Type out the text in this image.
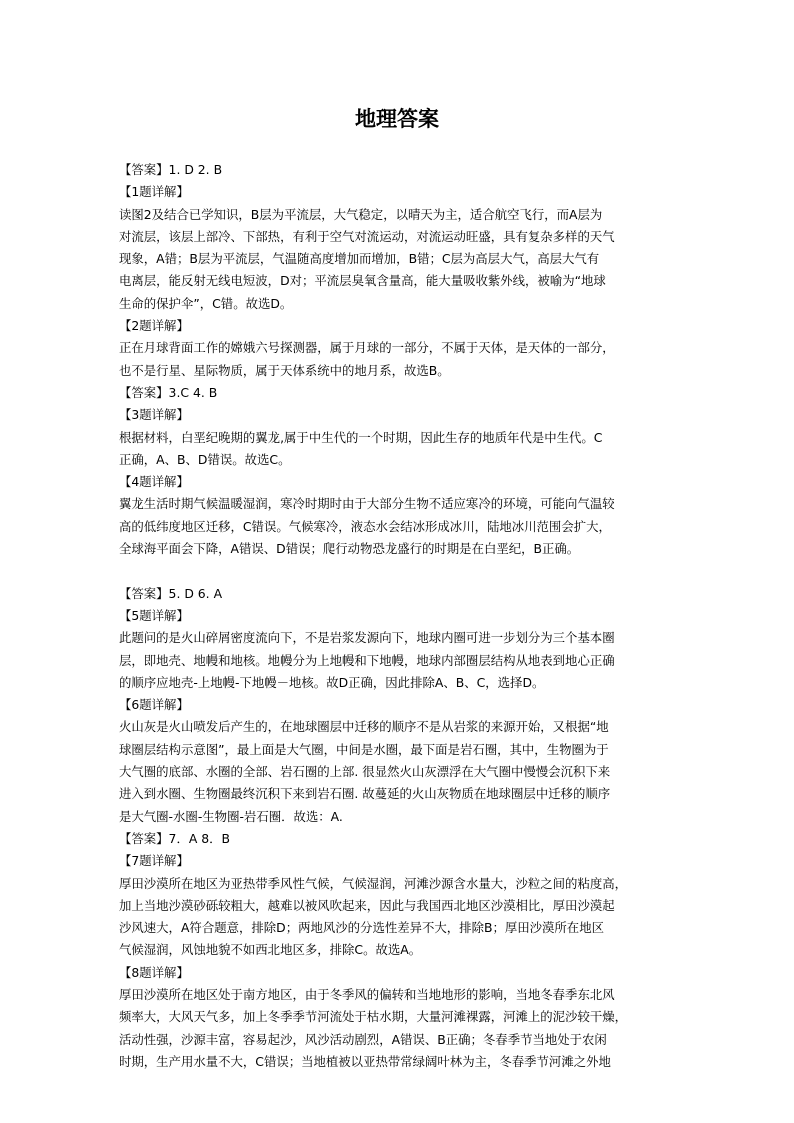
地理答案

【答案】1. D 2. B

【1题详解】

读图2及结合已学知识，B层为平流层，大气稳定，以晴天为主，适合航空飞行，而A层为

对流层，该层上部冷、下部热，有利于空气对流运动，对流运动旺盛，具有复杂多样的天气

现象，A错；B层为平流层，气温随高度增加而增加，B错；C层为高层大气，高层大气有

电离层，能反射无线电短波，D对；平流层臭氧含量高，能大量吸收紫外线，被喻为“地球

生命的保护伞”，C错。故选D。

【2题详解】

正在月球背面工作的嫦娥六号探测器，属于月球的一部分，不属于天体，是天体的一部分，

也不是行星、星际物质，属于天体系统中的地月系，故选B。

【答案】3.C 4. B

【3题详解】

根据材料，白垩纪晚期的翼龙,属于中生代的一个时期，因此生存的地质年代是中生代。C

正确，A、B、D错误。故选C。

【4题详解】

翼龙生活时期气候温暖湿润，寒冷时期时由于大部分生物不适应寒冷的环境，可能向气温较

高的低纬度地区迁移，C错误。气候寒冷，液态水会结冰形成冰川，陆地冰川范围会扩大，

全球海平面会下降，A错误、D错误；爬行动物恐龙盛行的时期是在白垩纪，B正确。

【答案】5. D 6. A

【5题详解】

此题问的是火山碎屑密度流向下，不是岩浆发源向下，地球内圈可进一步划分为三个基本圈

层，即地壳、地幔和地核。地幔分为上地幔和下地幔，地球内部圈层结构从地表到地心正确

的顺序应地壳-上地幔-下地幔－地核。故D正确，因此排除A、B、C，选择D。

【6题详解】

火山灰是火山喷发后产生的，在地球圈层中迁移的顺序不是从岩浆的来源开始，又根据“地

球圈层结构示意图”，最上面是大气圈，中间是水圈，最下面是岩石圈，其中，生物圈为于

大气圈的底部、水圈的全部、岩石圈的上部. 很显然火山灰漂浮在大气圈中慢慢会沉积下来

进入到水圈、生物圈最终沉积下来到岩石圈. 故蔓延的火山灰物质在地球圈层中迁移的顺序

是大气圈-水圈-生物圈-岩石圈．故选：A.

【答案】7．A 8．B

【7题详解】

厚田沙漠所在地区为亚热带季风性气候，气候湿润，河滩沙源含水量大，沙粒之间的粘度高，

加上当地沙漠砂砾较粗大，越难以被风吹起来，因此与我国西北地区沙漠相比，厚田沙漠起

沙风速大，A符合题意，排除D；两地风沙的分选性差异不大，排除B；厚田沙漠所在地区

气候湿润，风蚀地貌不如西北地区多，排除C。故选A。

【8题详解】

厚田沙漠所在地区处于南方地区，由于冬季风的偏转和当地地形的影响，当地冬春季东北风

频率大，大风天气多，加上冬季季节河流处于枯水期，大量河滩裸露，河滩上的泥沙较干燥，

活动性强，沙源丰富，容易起沙，风沙活动剧烈，A错误、B正确；冬春季节当地处于农闲

时期，生产用水量不大，C错误；当地植被以亚热带常绿阔叶林为主，冬春季节河滩之外地
